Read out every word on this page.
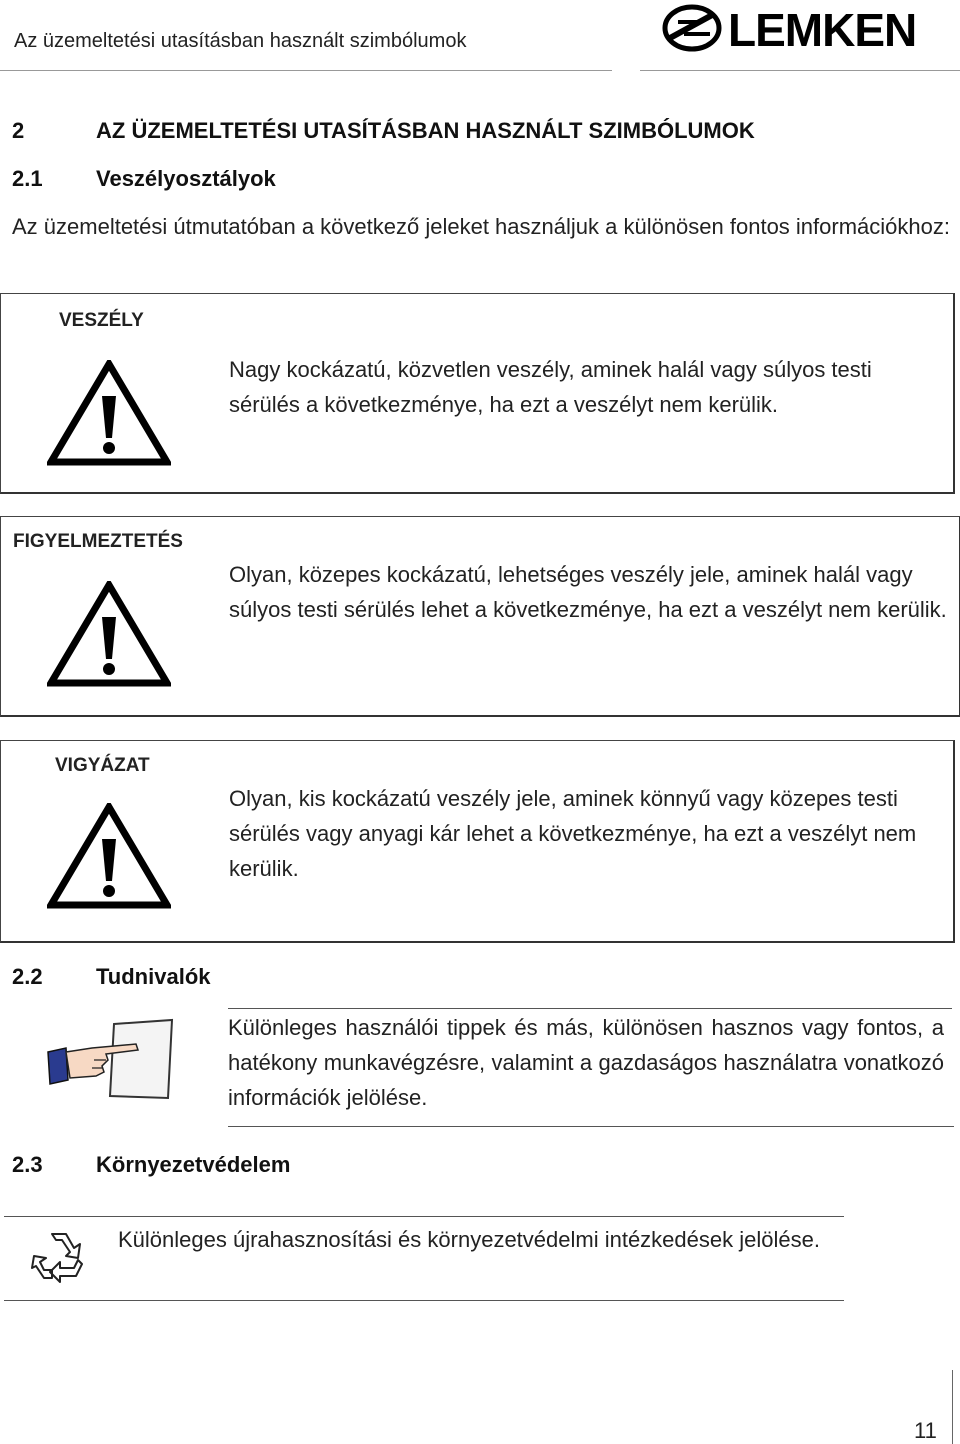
Az üzemeltetési utasításban használt szimbólumok	LEMKEN
2	AZ ÜZEMELTETÉSI UTASÍTÁSBAN HASZNÁLT SZIMBÓLUMOK
2.1 Veszélyosztályok
Az üzemeltetési útmutatóban a következő jeleket használjuk a különösen fontos információkhoz:
VESZÉLY
Nagy kockázatú, közvetlen veszély, aminek halál vagy súlyos testi sérülés a következménye, ha ezt a veszélyt nem kerülik.
FIGYELMEZTETÉS
Olyan, közepes kockázatú, lehetséges veszély jele, aminek halál vagy súlyos testi sérülés lehet a következménye, ha ezt a veszélyt nem kerülik.
VIGYÁZAT
Olyan, kis kockázatú veszély jele, aminek könnyű vagy közepes testi sérülés vagy anyagi kár lehet a következménye, ha ezt a veszélyt nem kerülik.
2.2 Tudnivalók
Különleges használói tippek és más, különösen hasznos vagy fontos, a hatékony munkavégzésre, valamint a gazdaságos használatra vonatkozó információk jelölése.
2.3 Környezetvédelem
Különleges újrahasznosítási és környezetvédelmi intézkedések jelölése.
11
